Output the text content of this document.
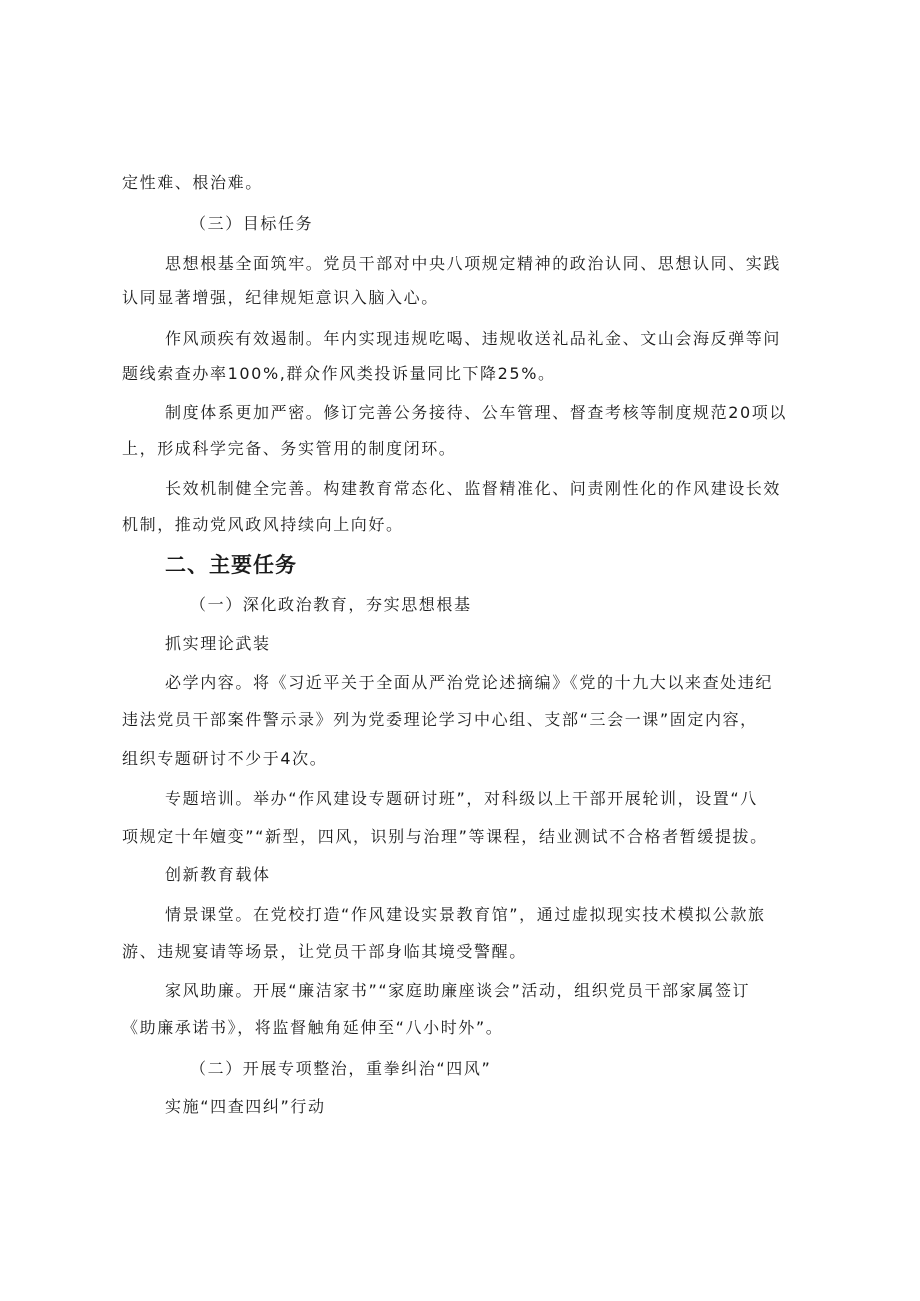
定性难、根治难。
（三）目标任务
思想根基全面筑牢。党员干部对中央八项规定精神的政治认同、思想认同、实践
认同显著增强，纪律规矩意识入脑入心。
作风顽疾有效遏制。年内实现违规吃喝、违规收送礼品礼金、文山会海反弹等问
题线索查办率100%,群众作风类投诉量同比下降25%。
制度体系更加严密。修订完善公务接待、公车管理、督查考核等制度规范20项以
上，形成科学完备、务实管用的制度闭环。
长效机制健全完善。构建教育常态化、监督精准化、问责刚性化的作风建设长效
机制，推动党风政风持续向上向好。
二、主要任务
（一）深化政治教育，夯实思想根基
抓实理论武装
必学内容。将《习近平关于全面从严治党论述摘编》《党的十九大以来查处违纪
违法党员干部案件警示录》列为党委理论学习中心组、支部“三会一课”固定内容，
组织专题研讨不少于4次。
专题培训。举办“作风建设专题研讨班”，对科级以上干部开展轮训，设置“八
项规定十年嬗变”“新型，四风，识别与治理”等课程，结业测试不合格者暂缓提拔。
创新教育载体
情景课堂。在党校打造“作风建设实景教育馆”，通过虚拟现实技术模拟公款旅
游、违规宴请等场景，让党员干部身临其境受警醒。
家风助廉。开展“廉洁家书”“家庭助廉座谈会”活动，组织党员干部家属签订
《助廉承诺书》，将监督触角延伸至“八小时外”。
（二）开展专项整治，重拳纠治“四风”
实施“四查四纠”行动
